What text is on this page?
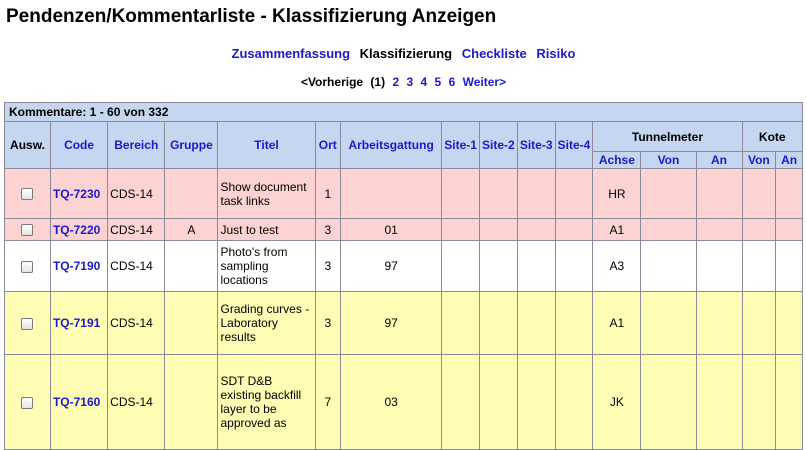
Pendenzen/Kommentarliste - Klassifizierung Anzeigen
Zusammenfassung Klassifizierung Checkliste Risiko
<Vorherige (1) 2 3 4 5 6 Weiter>
Kommentare: 1 - 60 von 332															
Ausw.	Code	Bereich	Gruppe	Titel	Ort	Arbeitsgattung	Site-1	Site-2	Site-3	Site-4	Tunnelmeter			Kote	
											Achse	Von	An	Von	An
	TQ-7230	CDS-14		Show document task links	1						HR				
	TQ-7220	CDS-14	A	Just to test	3	01					A1				
	TQ-7190	CDS-14		Photo's from sampling locations	3	97					A3				
	TQ-7191	CDS-14		Grading curves - Laboratory results	3	97					A1				
	TQ-7160	CDS-14		SDT D&B existing backfill layer to be approved as	7	03					JK				
